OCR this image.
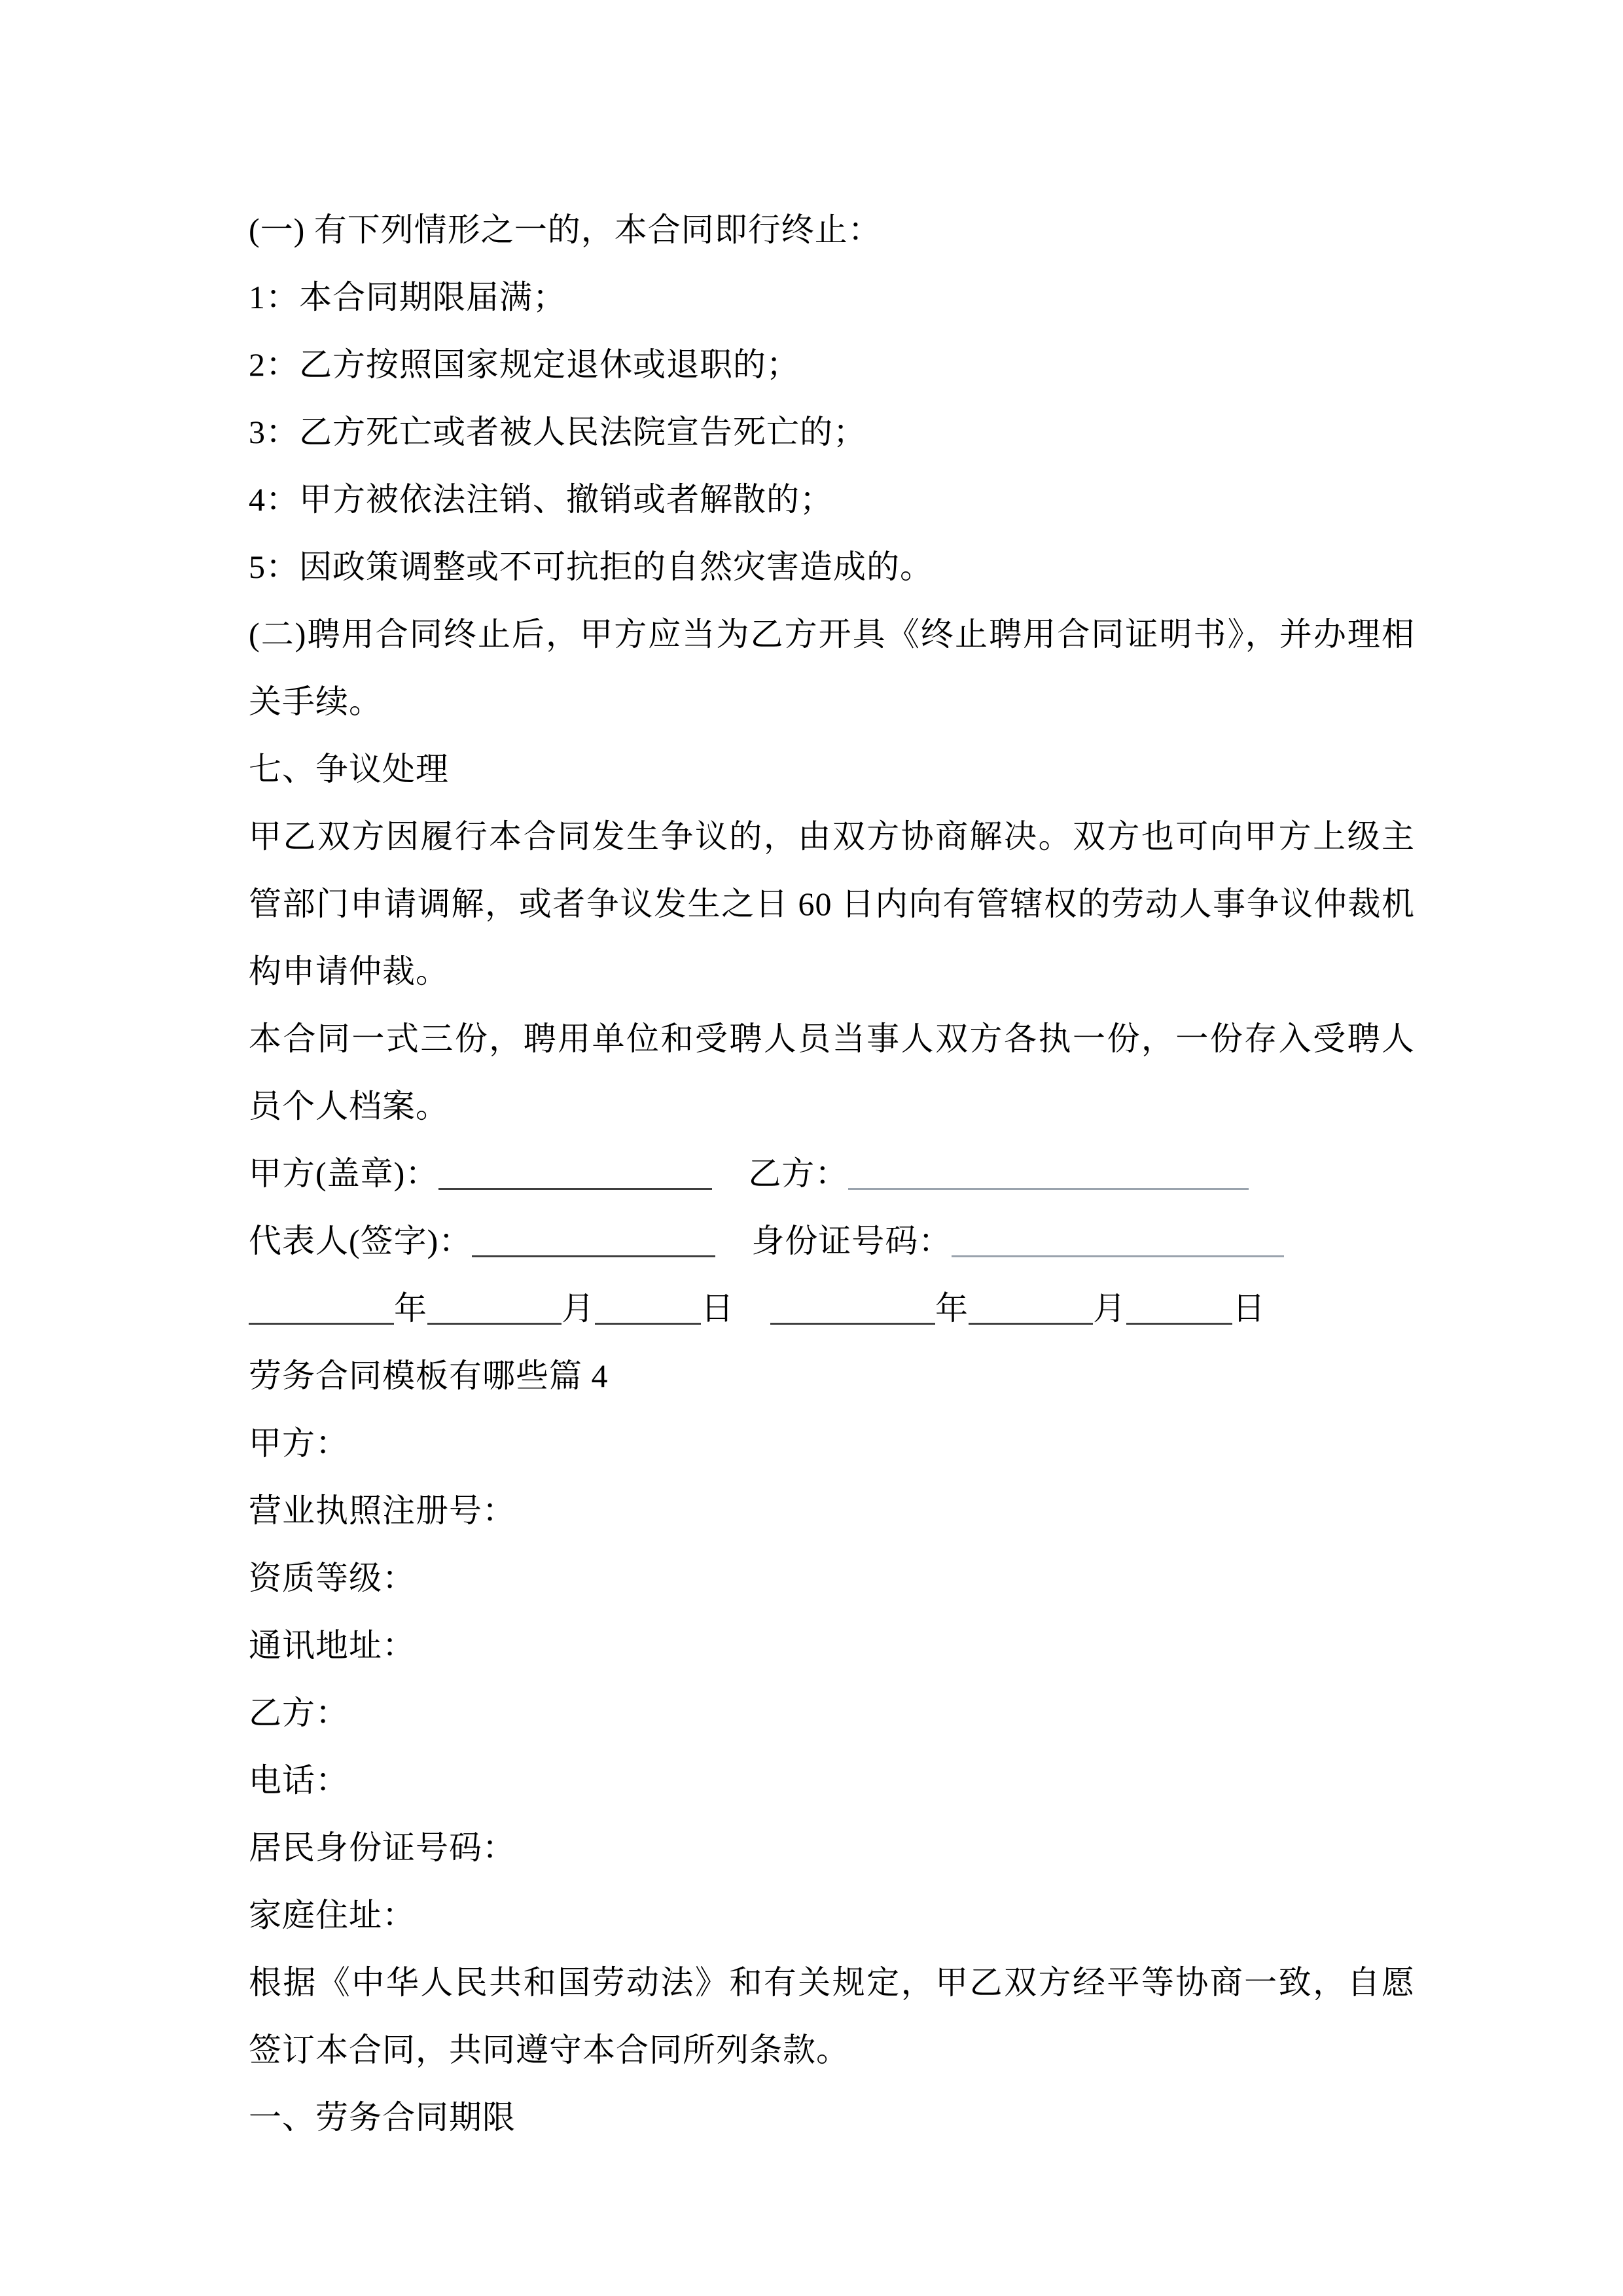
(一) 有下列情形之一的，本合同即行终止：

1：本合同期限届满；

2：乙方按照国家规定退休或退职的；

3：乙方死亡或者被人民法院宣告死亡的；

4：甲方被依法注销、撤销或者解散的；

5：因政策调整或不可抗拒的自然灾害造成的。

(二)聘用合同终止后，甲方应当为乙方开具《终止聘用合同证明书》，并办理相关手续。

七、争议处理

甲乙双方因履行本合同发生争议的，由双方协商解决。双方也可向甲方上级主管部门申请调解，或者争议发生之日 60 日内向有管辖权的劳动人事争议仲裁机构申请仲裁。

本合同一式三份，聘用单位和受聘人员当事人双方各执一份，一份存入受聘人员个人档案。

甲方(盖章)：	乙方：

代表人(签字)：	身份证号码：

年	月	日	年	月	日

劳务合同模板有哪些篇 4

甲方：

营业执照注册号：

资质等级：

通讯地址：

乙方：

电话：

居民身份证号码：

家庭住址：

根据《中华人民共和国劳动法》和有关规定，甲乙双方经平等协商一致，自愿签订本合同，共同遵守本合同所列条款。

一、劳务合同期限
